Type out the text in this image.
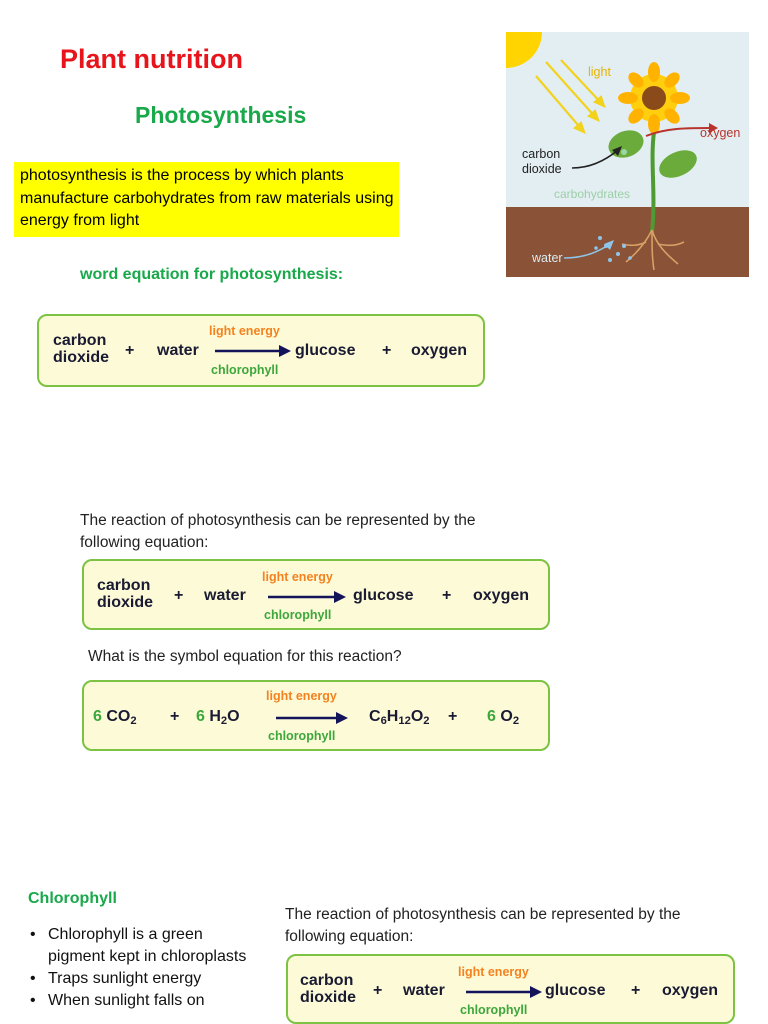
Plant nutrition
Photosynthesis
photosynthesis is the process by which plants manufacture carbohydrates from raw materials using energy from light
light
oxygen
carbon
dioxide
carbohydrates
water
word equation for photosynthesis:
carbon
dioxide + water
light energy
chlorophyll
glucose + oxygen
The reaction of photosynthesis can be represented by the following equation:
carbon
dioxide + water
light energy
chlorophyll
glucose + oxygen
What is the symbol equation for this reaction?
6 $CO_2 + 6$ $H_2O$
light energy
chlorophyll
$C_6H_{12}O_2 + 6$ $O_2$
Chlorophyll
• Chlorophyll is a green pigment kept in chloroplasts
• Traps sunlight energy
• When sunlight falls on
The reaction of photosynthesis can be represented by the following equation:
carbon
dioxide + water
light energy
chlorophyll
glucose + oxygen
